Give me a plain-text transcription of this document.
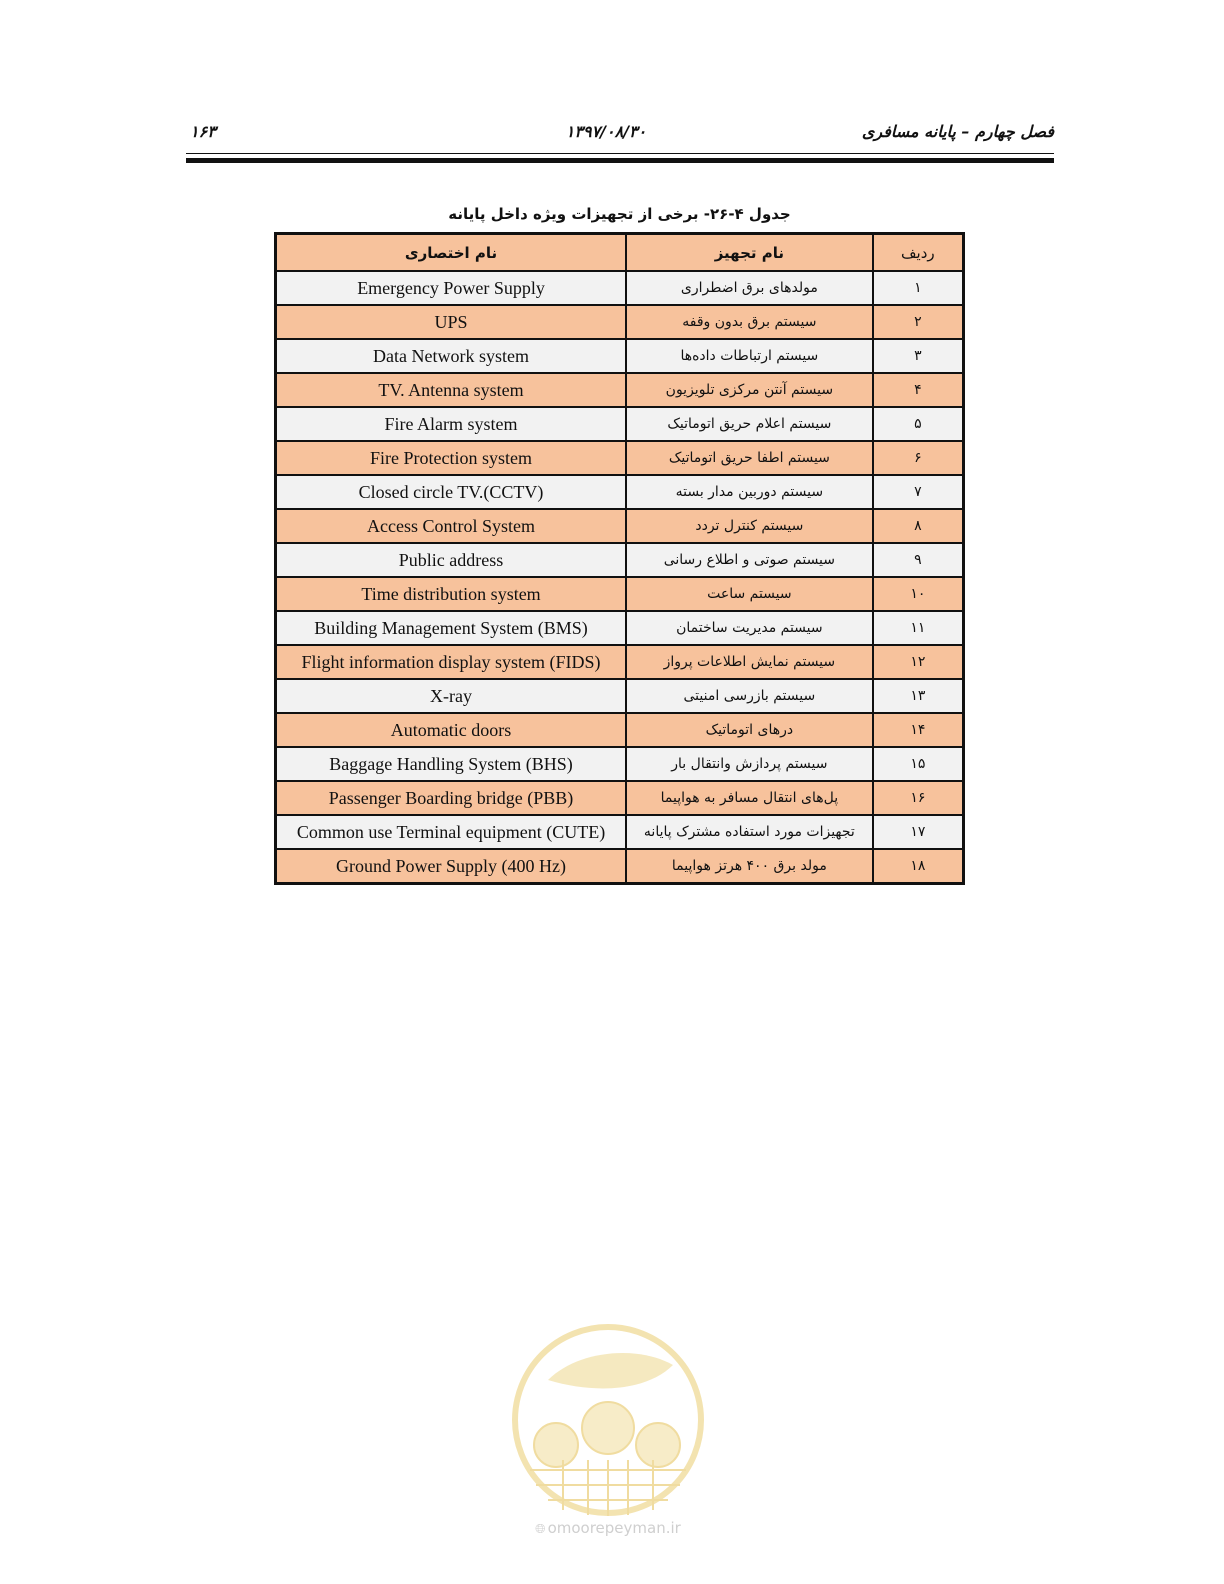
فصل چهارم – پایانه مسافری
۱۳۹۷/۰۸/۳۰
۱۶۳
جدول ۴-۲۶- برخی از تجهیزات ویژه داخل پایانه
نام اختصاری	نام تجهیز	ردیف
Emergency Power Supply	مولدهای برق اضطراری	۱
UPS	سیستم برق بدون وقفه	۲
Data Network system	سیستم ارتباطات داده‌ها	۳
TV. Antenna system	سیستم آنتن مرکزی تلویزیون	۴
Fire Alarm system	سیستم اعلام حریق اتوماتیک	۵
Fire Protection system	سیستم اطفا حریق اتوماتیک	۶
Closed circle TV.(CCTV)	سیستم دوربین مدار بسته	۷
Access Control System	سیستم کنترل تردد	۸
Public address	سیستم صوتی و اطلاع رسانی	۹
Time distribution system	سیستم ساعت	۱۰
Building Management System (BMS)	سیستم مدیریت ساختمان	۱۱
Flight information display system (FIDS)	سیستم نمایش اطلاعات پرواز	۱۲
X-ray	سیستم بازرسی امنیتی	۱۳
Automatic doors	درهای اتوماتیک	۱۴
Baggage Handling System (BHS)	سیستم پردازش وانتقال بار	۱۵
Passenger Boarding bridge (PBB)	پل‌های انتقال مسافر به هواپیما	۱۶
Common use Terminal equipment (CUTE)	تجهیزات مورد استفاده مشترک پایانه	۱۷
Ground Power Supply (400 Hz)	مولد برق ۴۰۰ هرتز هواپیما	۱۸
🌐︎ omoorepeyman.ir
